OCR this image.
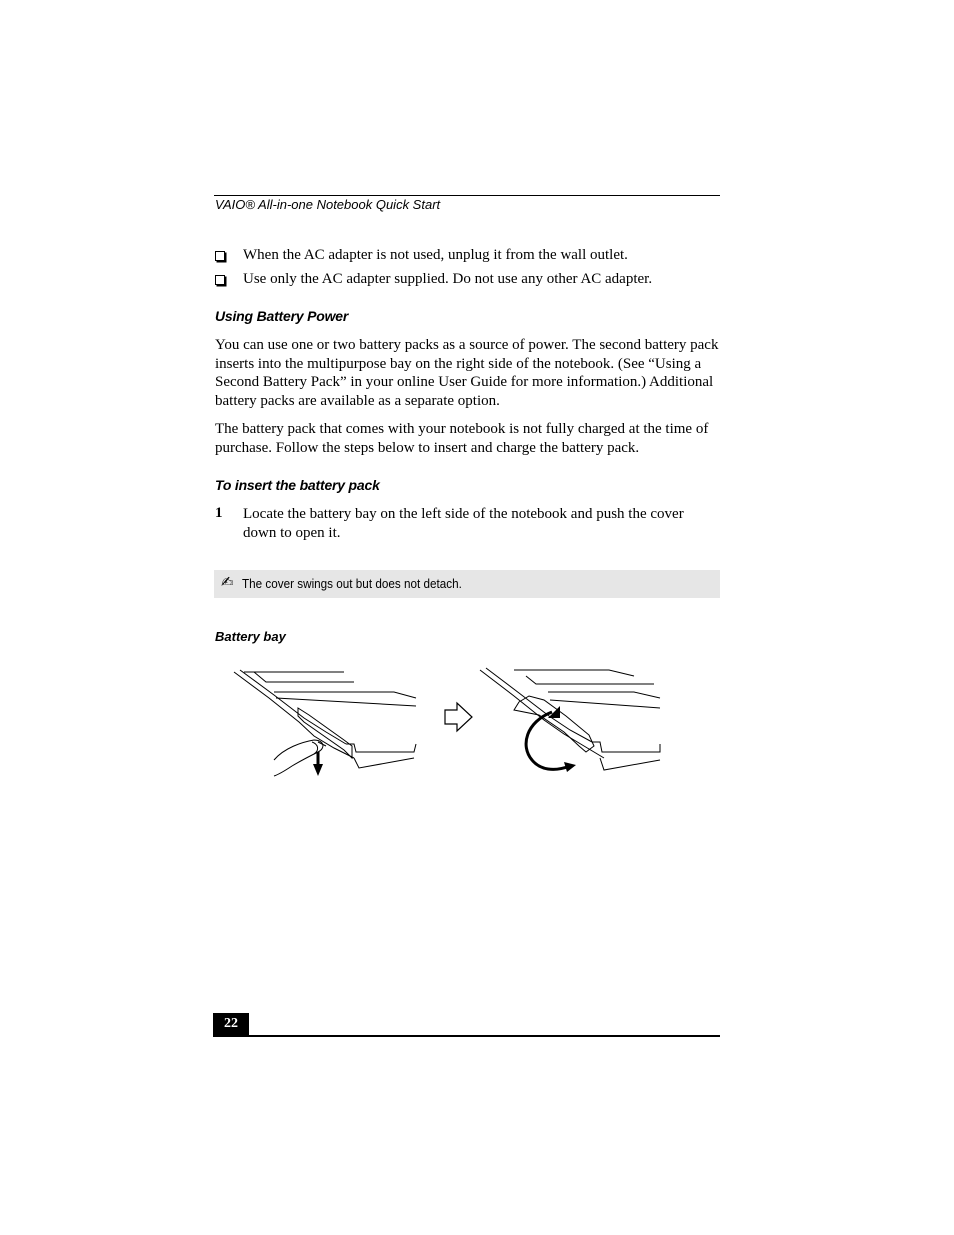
VAIO® All-in-one Notebook Quick Start
When the AC adapter is not used, unplug it from the wall outlet.
Use only the AC adapter supplied. Do not use any other AC adapter.
Using Battery Power
You can use one or two battery packs as a source of power. The second battery pack inserts into the multipurpose bay on the right side of the notebook. (See “Using a Second Battery Pack” in your online User Guide for more information.) Additional battery packs are available as a separate option.
The battery pack that comes with your notebook is not fully charged at the time of purchase. Follow the steps below to insert and charge the battery pack.
To insert the battery pack
1 Locate the battery bay on the left side of the notebook and push the cover down to open it.
✍ The cover swings out but does not detach.
Battery bay
22
